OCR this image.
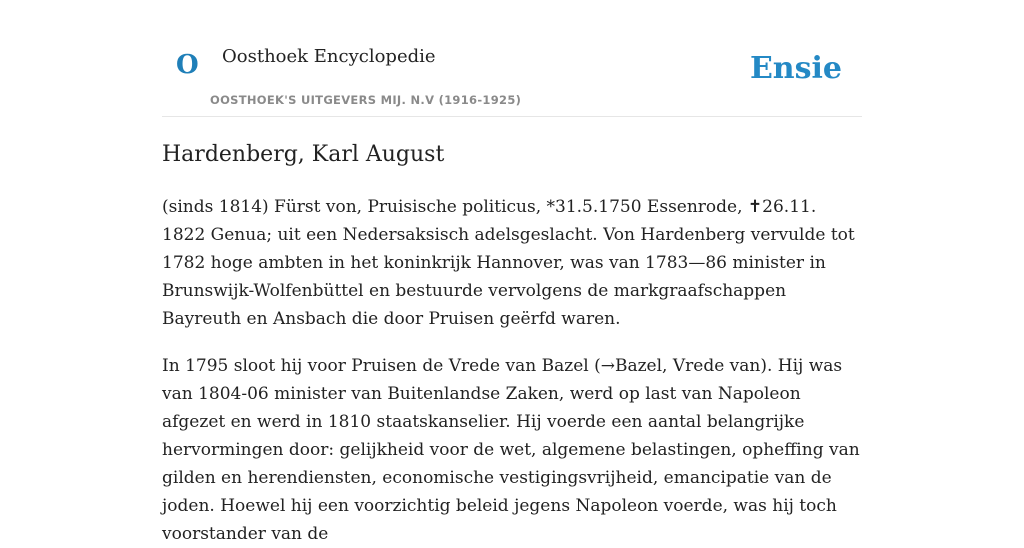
O Oosthoek Encyclopedie
OOSTHOEK'S UITGEVERS MIJ. N.V (1916-1925)
Ensie
Hardenberg, Karl August

(sinds 1814) Fürst von, Pruisische politicus, *31.5.1750 Essenrode, ✝26.11. 1822 Genua; uit een Nedersaksisch adelsgeslacht. Von Hardenberg vervulde tot 1782 hoge ambten in het koninkrijk Hannover, was van 1783—86 minister in Brunswijk-Wolfenbüttel en bestuurde vervolgens de markgraafschappen Bayreuth en Ansbach die door Pruisen geërfd waren.

In 1795 sloot hij voor Pruisen de Vrede van Bazel (→Bazel, Vrede van). Hij was van 1804-06 minister van Buitenlandse Zaken, werd op last van Napoleon afgezet en werd in 1810 staatskanselier. Hij voerde een aantal belangrijke hervormingen door: gelijkheid voor de wet, algemene belastingen, opheffing van gilden en herendiensten, economische vestigingsvrijheid, emancipatie van de joden. Hoewel hij een voorzichtig beleid jegens Napoleon voerde, was hij toch voorstander van de
